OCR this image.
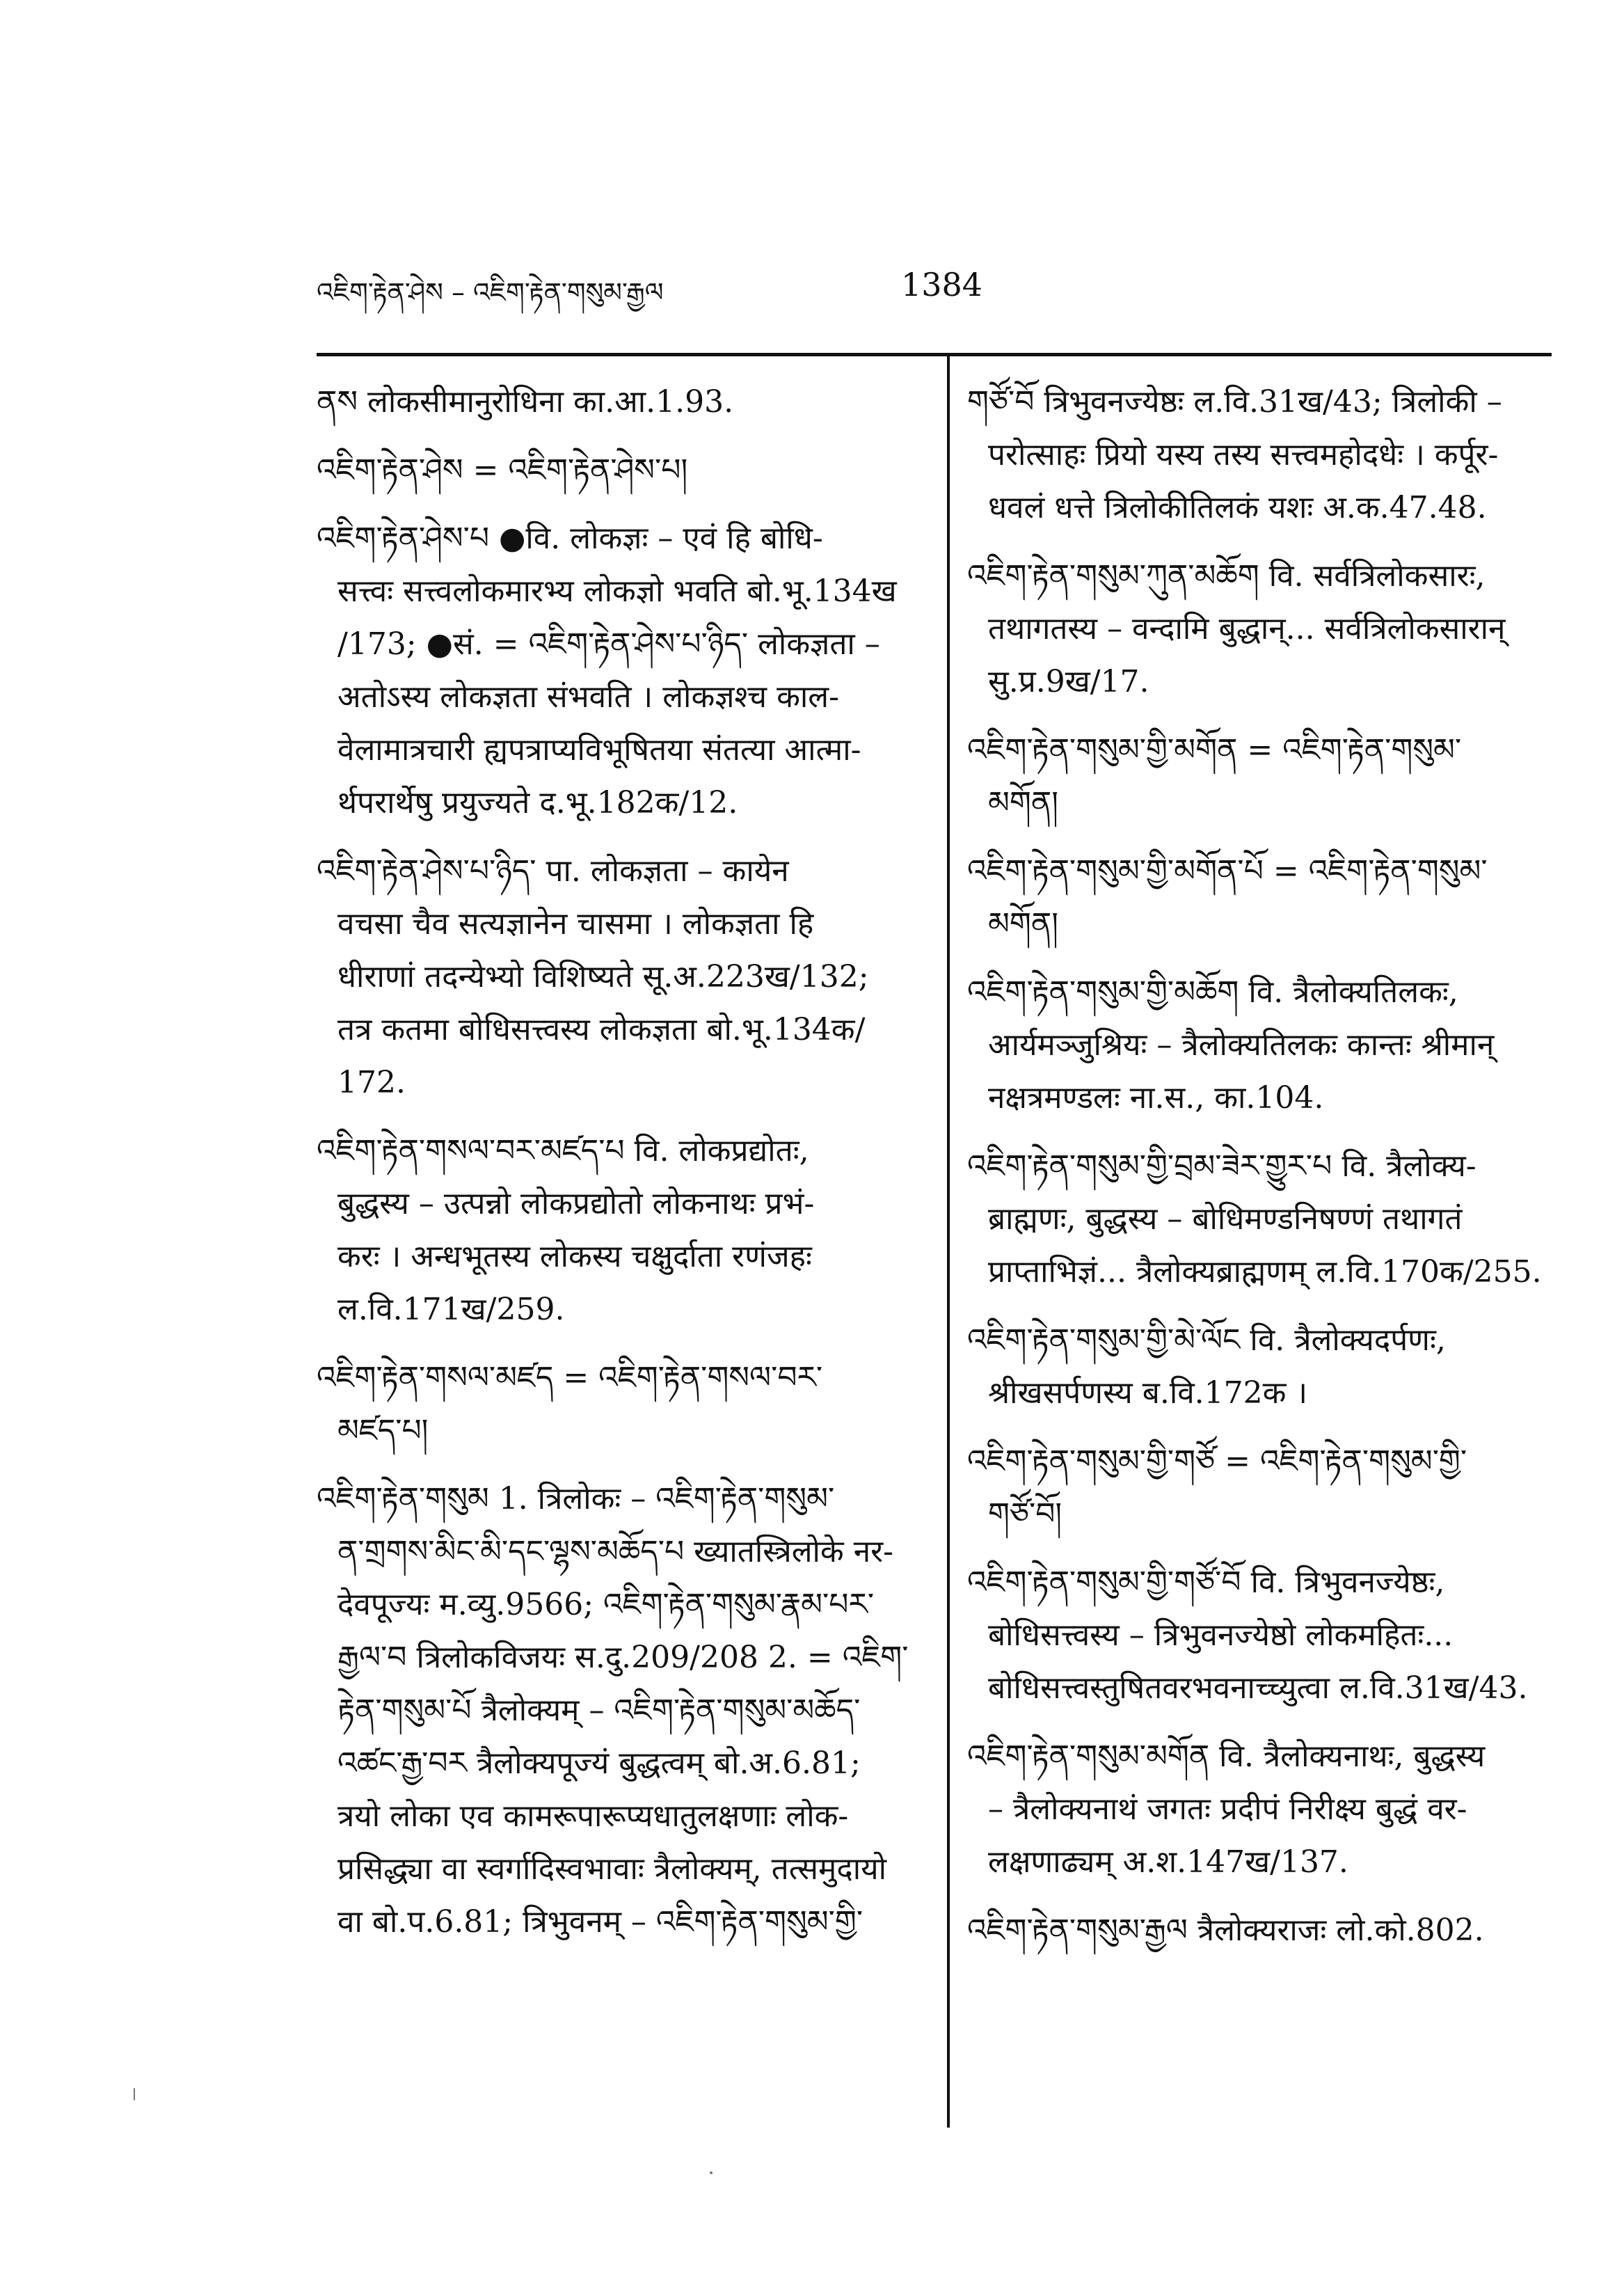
འཇིག་རྟེན་ཤེས – འཇིག་རྟེན་གསུམ་རྒྱལ	1384
ནས लोकसीमानुरोधिना का.आ.1.93.
འཇིག་རྟེན་ཤེས = འཇིག་རྟེན་ཤེས་པ།
འཇིག་རྟེན་ཤེས་པ ●वि. लोकज्ञः – एवं हि बोधि-
सत्त्वः सत्त्वलोकमारभ्य लोकज्ञो भवति बो.भू.134ख
/173; ●सं. = འཇིག་རྟེན་ཤེས་པ་ཉིད་ लोकज्ञता –
अतोऽस्य लोकज्ञता संभवति । लोकज्ञश्च काल-
वेलामात्रचारी ह्यपत्राप्यविभूषितया संतत्या आत्मा-
र्थपरार्थेषु प्रयुज्यते द.भू.182क/12.
འཇིག་རྟེན་ཤེས་པ་ཉིད་ पा. लोकज्ञता – कायेन
वचसा चैव सत्यज्ञानेन चासमा । लोकज्ञता हि
धीराणां तदन्येभ्यो विशिष्यते सू.अ.223ख/132;
तत्र कतमा बोधिसत्त्वस्य लोकज्ञता बो.भू.134क/
172.
འཇིག་རྟེན་གསལ་བར་མཛད་པ वि. लोकप्रद्योतः,
बुद्धस्य – उत्पन्नो लोकप्रद्योतो लोकनाथः प्रभं-
करः । अन्धभूतस्य लोकस्य चक्षुर्दाता रणंजहः
ल.वि.171ख/259.
འཇིག་རྟེན་གསལ་མཛད = འཇིག་རྟེན་གསལ་བར་
མཛད་པ།
འཇིག་རྟེན་གསུམ 1. त्रिलोकः – འཇིག་རྟེན་གསུམ་
ན་གྲགས་མིང་མི་དང་ལྷས་མཆོད་པ ख्यातस्त्रिलोके नर-
देवपूज्यः म.व्यु.9566; འཇིག་རྟེན་གསུམ་རྣམ་པར་
རྒྱལ་བ त्रिलोकविजयः स.दु.209/208 2. = འཇིག་
རྟེན་གསུམ་པོ त्रैलोक्यम् – འཇིག་རྟེན་གསུམ་མཆོད་
འཚང་རྒྱ་བར त्रैलोक्यपूज्यं बुद्धत्वम् बो.अ.6.81;
त्रयो लोका एव कामरूपारूप्यधातुलक्षणाः लोक-
प्रसिद्ध्या वा स्वर्गादिस्वभावाः त्रैलोक्यम्, तत्समुदायो
वा बो.प.6.81; त्रिभुवनम् – འཇིག་རྟེན་གསུམ་གྱི་
གཙོ་བོ त्रिभुवनज्येष्ठः ल.वि.31ख/43; त्रिलोकी –
परोत्साहः प्रियो यस्य तस्य सत्त्वमहोदधेः । कर्पूर-
धवलं धत्ते त्रिलोकीतिलकं यशः अ.क.47.48.
འཇིག་རྟེན་གསུམ་ཀུན་མཆོག वि. सर्वत्रिलोकसारः,
तथागतस्य – वन्दामि बुद्धान्... सर्वत्रिलोकसारान्
सु.प्र.9ख/17.
འཇིག་རྟེན་གསུམ་གྱི་མགོན = འཇིག་རྟེན་གསུམ་
མགོན།
འཇིག་རྟེན་གསུམ་གྱི་མགོན་པོ = འཇིག་རྟེན་གསུམ་
མགོན།
འཇིག་རྟེན་གསུམ་གྱི་མཆོག वि. त्रैलोक्यतिलकः,
आर्यमञ्जुश्रियः – त्रैलोक्यतिलकः कान्तः श्रीमान्
नक्षत्रमण्डलः ना.स., का.104.
འཇིག་རྟེན་གསུམ་གྱི་བྲམ་ཟེར་གྱུར་པ वि. त्रैलोक्य-
ब्राह्मणः, बुद्धस्य – बोधिमण्डनिषण्णं तथागतं
प्राप्ताभिज्ञं... त्रैलोक्यब्राह्मणम् ल.वि.170क/255.
འཇིག་རྟེན་གསུམ་གྱི་མེ་ལོང वि. त्रैलोक्यदर्पणः,
श्रीखसर्पणस्य ब.वि.172क ।
འཇིག་རྟེན་གསུམ་གྱི་གཙོ = འཇིག་རྟེན་གསུམ་གྱི་
གཙོ་བོ།
འཇིག་རྟེན་གསུམ་གྱི་གཙོ་བོ वि. त्रिभुवनज्येष्ठः,
बोधिसत्त्वस्य – त्रिभुवनज्येष्ठो लोकमहितः...
बोधिसत्त्वस्तुषितवरभवनाच्च्युत्वा ल.वि.31ख/43.
འཇིག་རྟེན་གསུམ་མགོན वि. त्रैलोक्यनाथः, बुद्धस्य
– त्रैलोक्यनाथं जगतः प्रदीपं निरीक्ष्य बुद्धं वर-
लक्षणाढ्यम् अ.श.147ख/137.
འཇིག་རྟེན་གསུམ་རྒྱལ त्रैलोक्यराजः लो.को.802.
